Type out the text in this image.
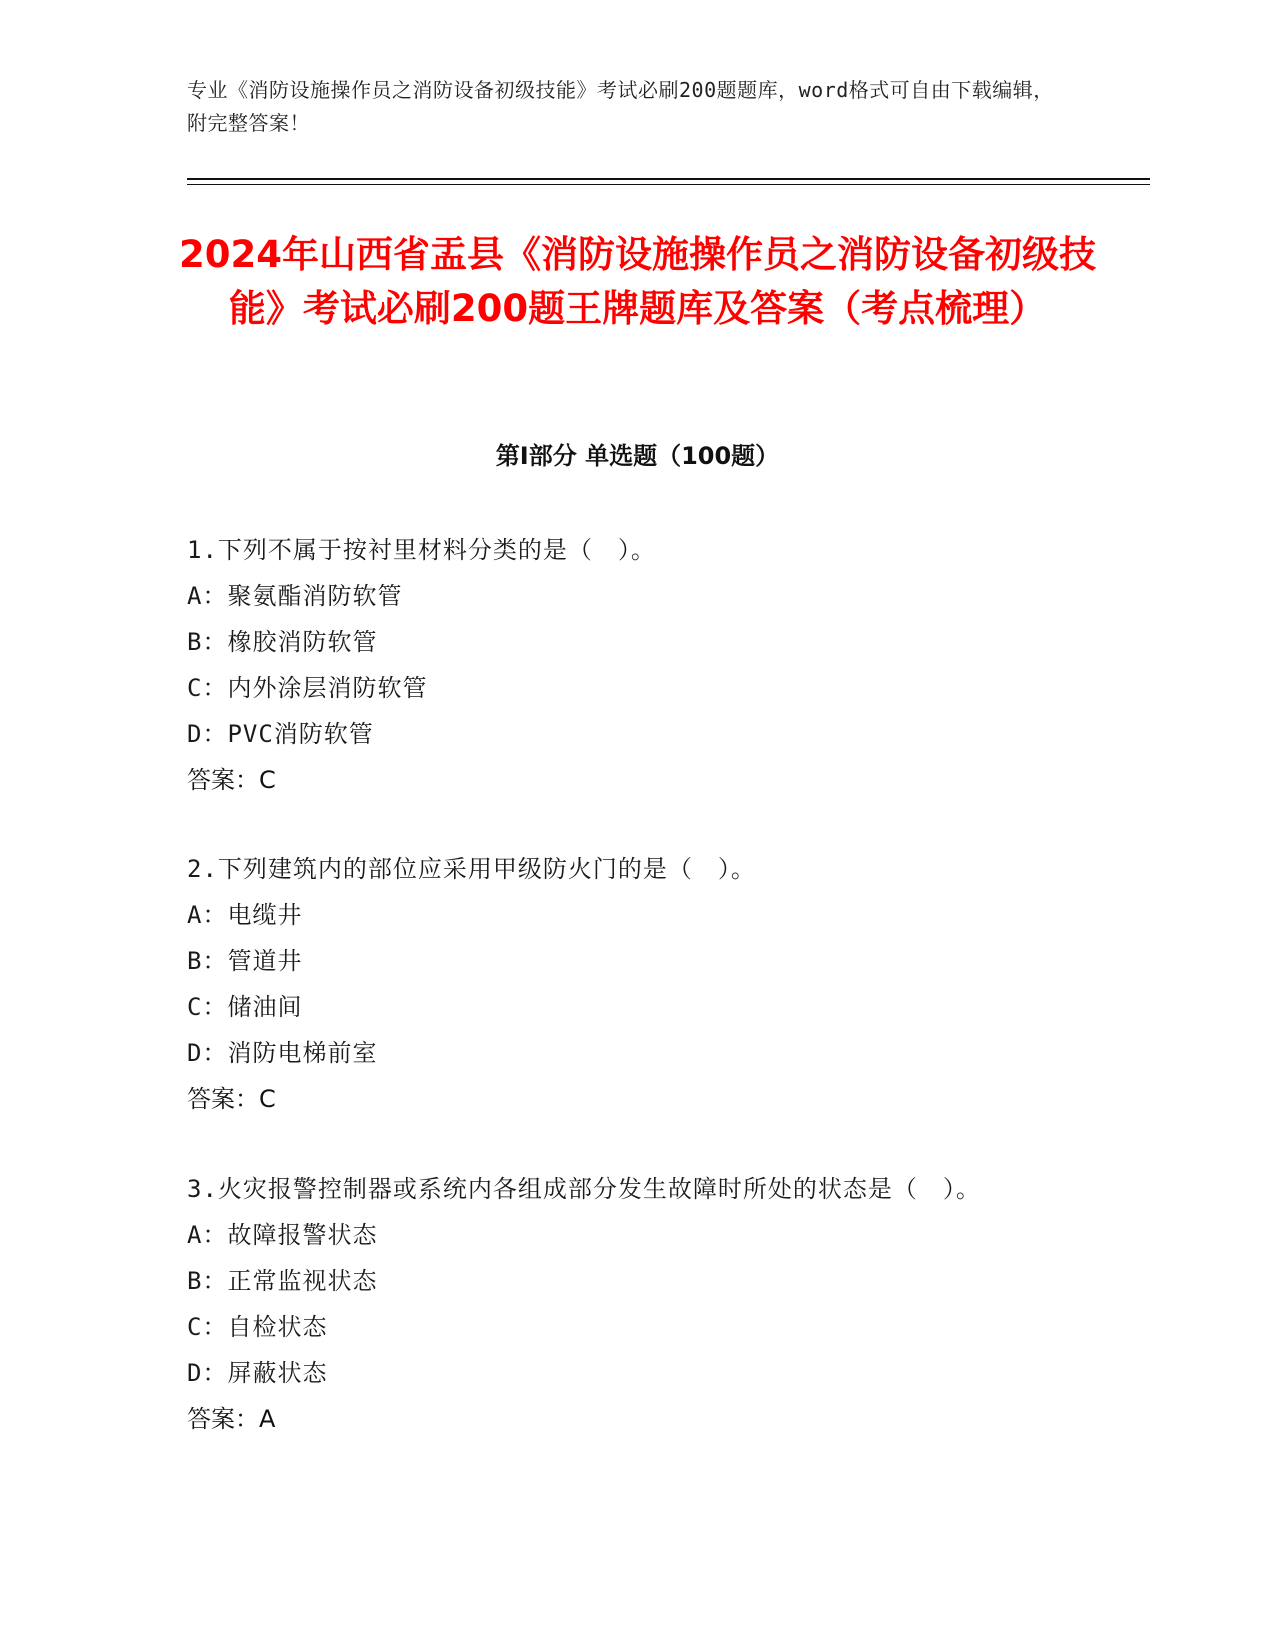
专业《消防设施操作员之消防设备初级技能》考试必刷200题题库，word格式可自由下载编辑，附完整答案！
2024年山西省盂县《消防设施操作员之消防设备初级技能》考试必刷200题王牌题库及答案（考点梳理）
第I部分 单选题（100题）
1.下列不属于按衬里材料分类的是（　）。
A：聚氨酯消防软管
B：橡胶消防软管
C：内外涂层消防软管
D：PVC消防软管
答案：C
2.下列建筑内的部位应采用甲级防火门的是（　）。
A：电缆井
B：管道井
C：储油间
D：消防电梯前室
答案：C
3.火灾报警控制器或系统内各组成部分发生故障时所处的状态是（　）。
A：故障报警状态
B：正常监视状态
C：自检状态
D：屏蔽状态
答案：A
